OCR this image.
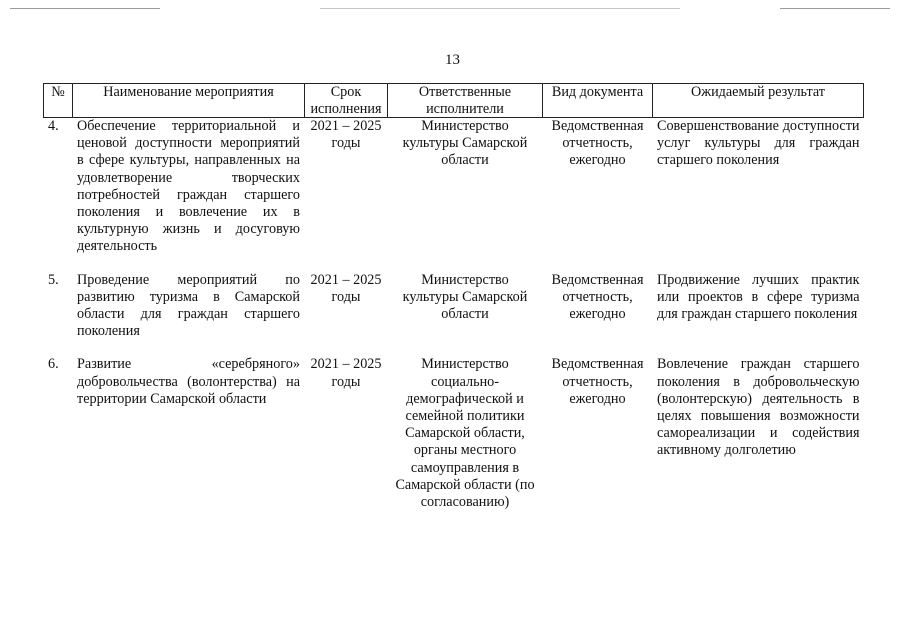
13
№	Наименование мероприятия	Срок исполнения	Ответственные исполнители	Вид документа	Ожидаемый результат
4.	Обеспечение территориальной и ценовой доступности мероприятий в сфере культуры, направленных на удовлетворение творческих потребностей граждан старшего поколения и вовлечение их в культурную жизнь и досуговую деятельность	2021 – 2025 годы	Министерство культуры Самарской области	Ведомственная отчетность, ежегодно	Совершенствование доступности услуг культуры для граждан старшего поколения

5.	Проведение мероприятий по развитию туризма в Самарской области для граждан старшего поколения	2021 – 2025 годы	Министерство культуры Самарской области	Ведомственная отчетность, ежегодно	Продвижение лучших практик или проектов в сфере туризма для граждан старшего поколения

6.	Развитие «серебряного» добровольчества (волонтерства) на территории Самарской области	2021 – 2025 годы	Министерство социально-демографической и семейной политики Самарской области, органы местного самоуправления в Самарской области (по согласованию)	Ведомственная отчетность, ежегодно	Вовлечение граждан старшего поколения в добровольческую (волонтерскую) деятельность в целях повышения возможности самореализации и содействия активному долголетию
